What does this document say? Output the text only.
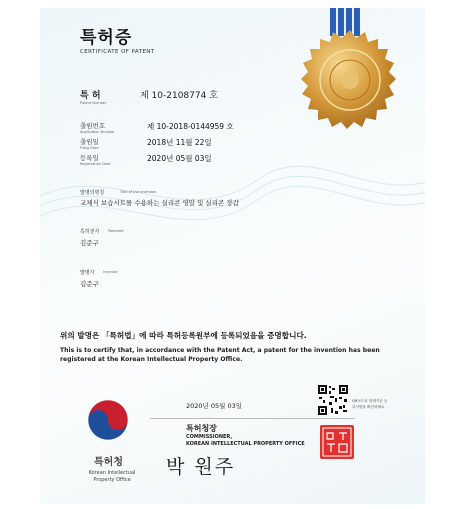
특허증
CERTIFICATE OF PATENT
특 허
Patent Number
제 10-2108774 호
출원번호
Application Number
제 10-2018-0144959 호
출원일
Filing Date
2018년 11월 22일
등록일
Registration Date
2020년 05월 03일
발명의명칭	Title of the Invention
교체식 보습시트를 수용하는 실리콘 영말 및 실리콘 장갑
특허권자 Patentee
김준구
발명자 Inventor
김준구
위의 발명은 「특허법」에 따라 특허등록원부에 등록되었음을 증명합니다.
This is to certify that, in accordance with the Patent Act, a patent for the invention has been registered at the Korean Intellectual Property Office.
2020년 05월 03일
특허청장
COMMISSIONER,
KOREAN INTELLECTUAL PROPERTY OFFICE
박 원주
QR코드로 현재기준 등록사항을 확인하세요
특허청
Korean Intellectual Property Office
